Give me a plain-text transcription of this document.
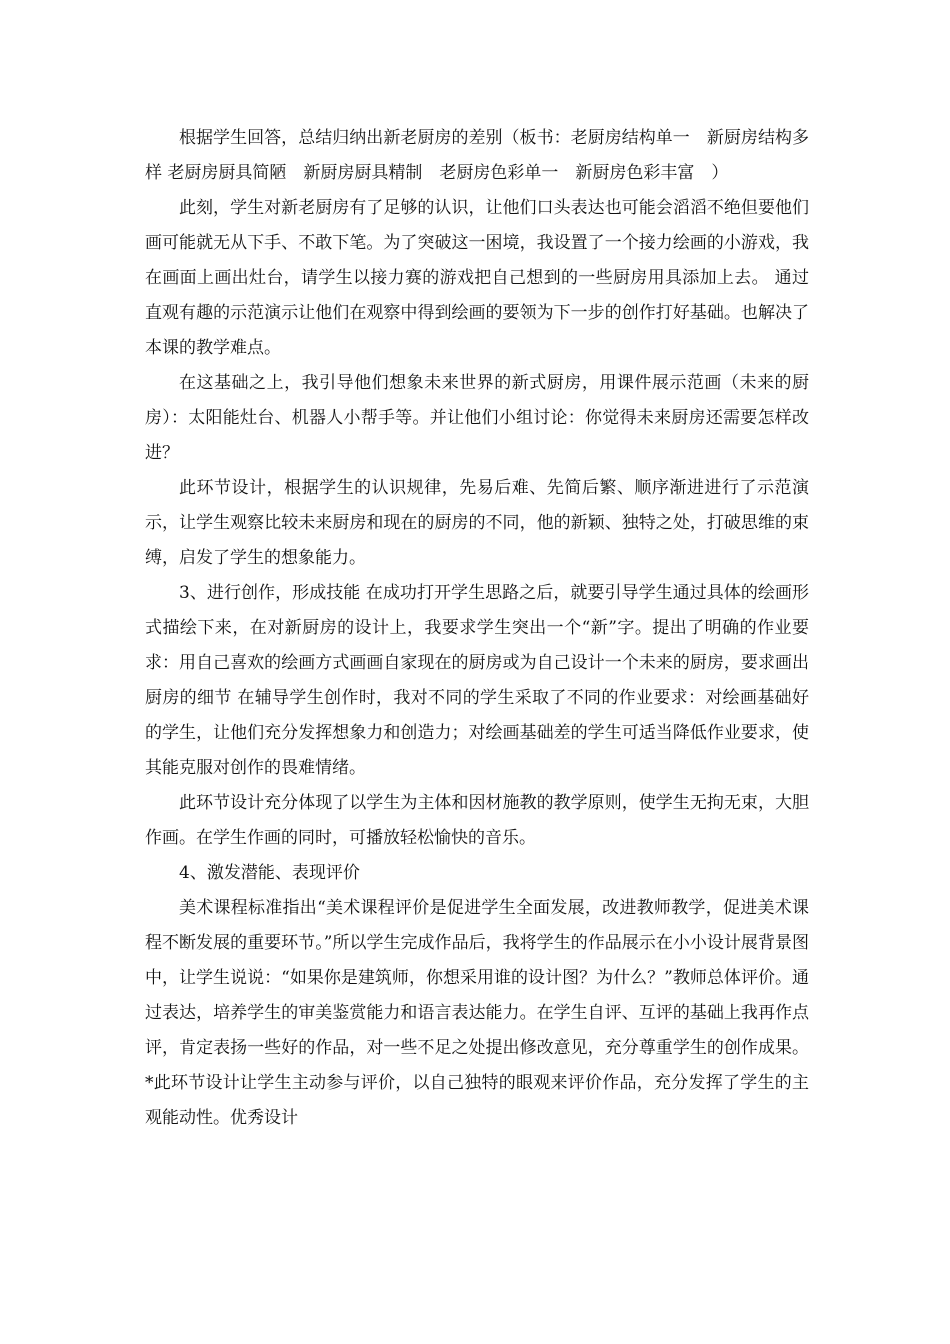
根据学生回答，总结归纳出新老厨房的差别（板书：老厨房结构单一　新厨房结构多样 老厨房厨具简陋　新厨房厨具精制　老厨房色彩单一　新厨房色彩丰富　）

此刻，学生对新老厨房有了足够的认识，让他们口头表达也可能会滔滔不绝但要他们画可能就无从下手、不敢下笔。为了突破这一困境，我设置了一个接力绘画的小游戏，我在画面上画出灶台，请学生以接力赛的游戏把自己想到的一些厨房用具添加上去。 通过直观有趣的示范演示让他们在观察中得到绘画的要领为下一步的创作打好基础。也解决了本课的教学难点。

在这基础之上，我引导他们想象未来世界的新式厨房，用课件展示范画（未来的厨房）：太阳能灶台、机器人小帮手等。并让他们小组讨论：你觉得未来厨房还需要怎样改进？

此环节设计，根据学生的认识规律，先易后难、先简后繁、顺序渐进进行了示范演示，让学生观察比较未来厨房和现在的厨房的不同，他的新颖、独特之处，打破思维的束缚，启发了学生的想象能力。

3、进行创作，形成技能 在成功打开学生思路之后，就要引导学生通过具体的绘画形式描绘下来，在对新厨房的设计上，我要求学生突出一个“新”字。提出了明确的作业要求：用自己喜欢的绘画方式画画自家现在的厨房或为自己设计一个未来的厨房，要求画出厨房的细节 在辅导学生创作时，我对不同的学生采取了不同的作业要求：对绘画基础好的学生，让他们充分发挥想象力和创造力；对绘画基础差的学生可适当降低作业要求，使其能克服对创作的畏难情绪。

此环节设计充分体现了以学生为主体和因材施教的教学原则，使学生无拘无束，大胆作画。在学生作画的同时，可播放轻松愉快的音乐。

4、激发潜能、表现评价

美术课程标准指出“美术课程评价是促进学生全面发展，改进教师教学，促进美术课程不断发展的重要环节。”所以学生完成作品后，我将学生的作品展示在小小设计展背景图中，让学生说说：“如果你是建筑师，你想采用谁的设计图？为什么？”教师总体评价。通过表达，培养学生的审美鉴赏能力和语言表达能力。在学生自评、互评的基础上我再作点评，肯定表扬一些好的作品，对一些不足之处提出修改意见，充分尊重学生的创作成果。*此环节设计让学生主动参与评价，以自己独特的眼观来评价作品，充分发挥了学生的主观能动性。优秀设计
